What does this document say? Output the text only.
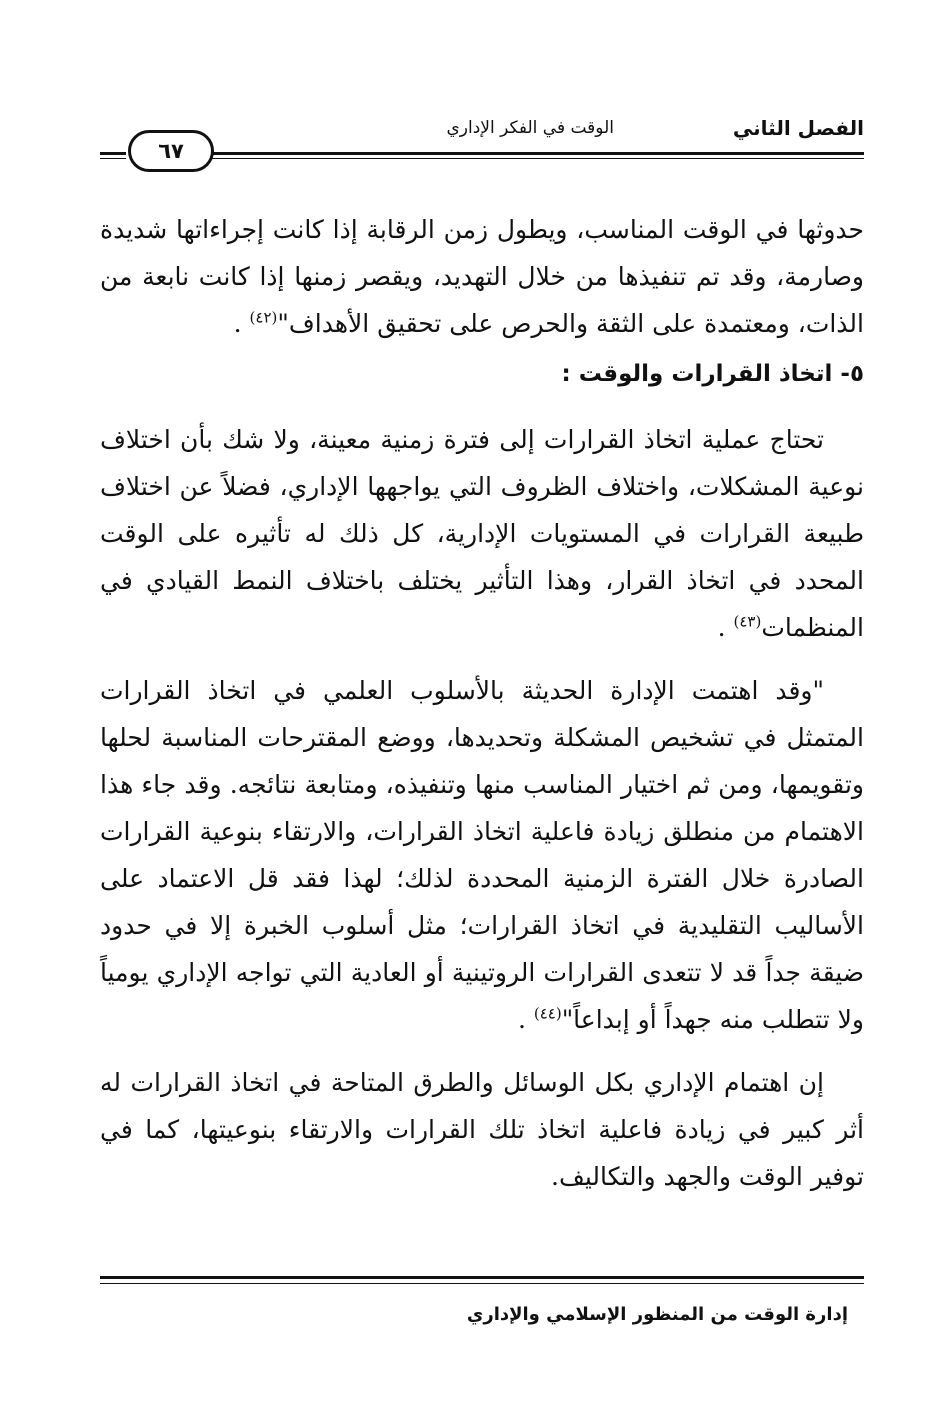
الفصل الثاني
الوقت في الفكر الإداري
٦٧

حدوثها في الوقت المناسب، ويطول زمن الرقابة إذا كانت إجراءاتها شديدة وصارمة، وقد تم تنفيذها من خلال التهديد، ويقصر زمنها إذا كانت نابعة من الذات، ومعتمدة على الثقة والحرص على تحقيق الأهداف"$^{(٤٢)}$ .

٥- اتخاذ القرارات والوقت :

تحتاج عملية اتخاذ القرارات إلى فترة زمنية معينة، ولا شك بأن اختلاف نوعية المشكلات، واختلاف الظروف التي يواجهها الإداري، فضلاً عن اختلاف طبيعة القرارات في المستويات الإدارية، كل ذلك له تأثيره على الوقت المحدد في اتخاذ القرار، وهذا التأثير يختلف باختلاف النمط القيادي في المنظمات$^{(٤٣)}$ .

"وقد اهتمت الإدارة الحديثة بالأسلوب العلمي في اتخاذ القرارات المتمثل في تشخيص المشكلة وتحديدها، ووضع المقترحات المناسبة لحلها وتقويمها، ومن ثم اختيار المناسب منها وتنفيذه، ومتابعة نتائجه. وقد جاء هذا الاهتمام من منطلق زيادة فاعلية اتخاذ القرارات، والارتقاء بنوعية القرارات الصادرة خلال الفترة الزمنية المحددة لذلك؛ لهذا فقد قل الاعتماد على الأساليب التقليدية في اتخاذ القرارات؛ مثل أسلوب الخبرة إلا في حدود ضيقة جداً قد لا تتعدى القرارات الروتينية أو العادية التي تواجه الإداري يومياً ولا تتطلب منه جهداً أو إبداعاً"$^{(٤٤)}$ .

إن اهتمام الإداري بكل الوسائل والطرق المتاحة في اتخاذ القرارات له أثر كبير في زيادة فاعلية اتخاذ تلك القرارات والارتقاء بنوعيتها، كما في توفير الوقت والجهد والتكاليف.

إدارة الوقت من المنظور الإسلامي والإداري
